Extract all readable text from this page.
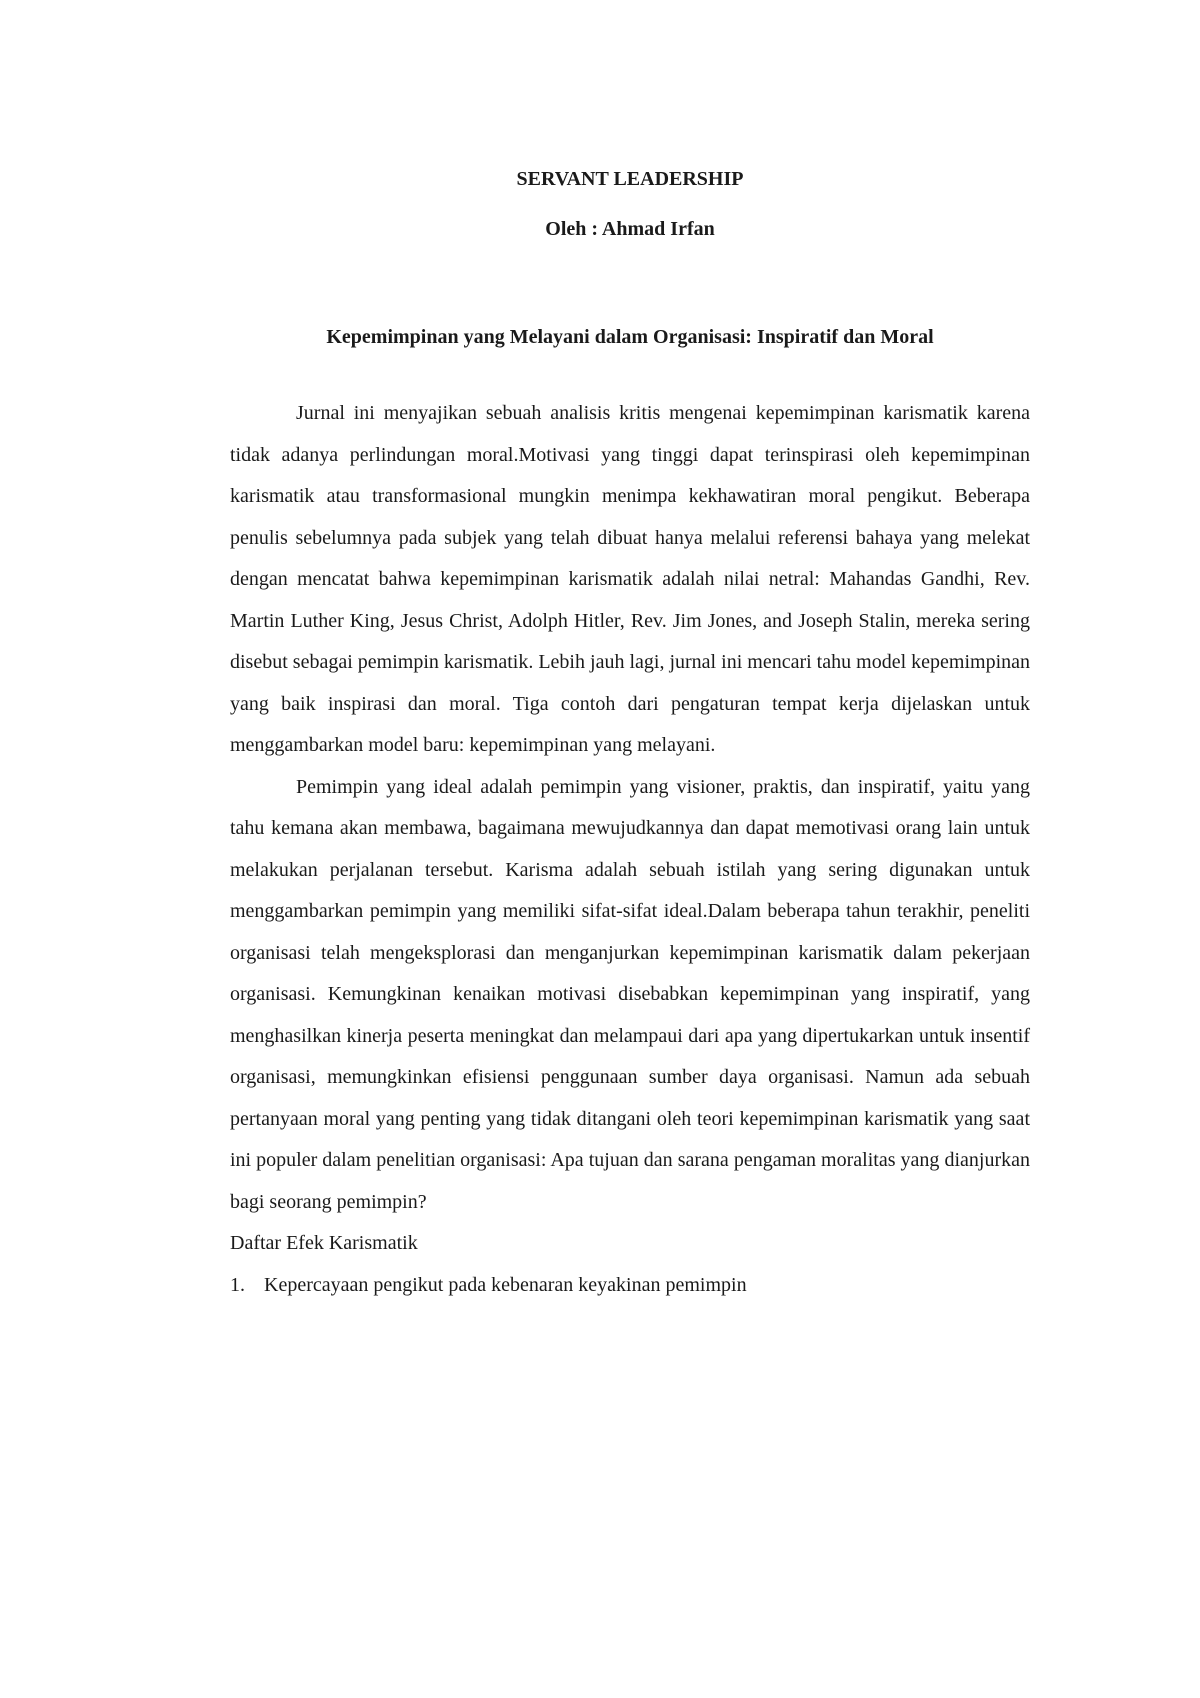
SERVANT LEADERSHIP

Oleh : Ahmad Irfan

Kepemimpinan yang Melayani dalam Organisasi: Inspiratif dan Moral

Jurnal ini menyajikan sebuah analisis kritis mengenai kepemimpinan karismatik karena tidak adanya perlindungan moral.Motivasi yang tinggi dapat terinspirasi oleh kepemimpinan karismatik atau transformasional mungkin menimpa kekhawatiran moral pengikut. Beberapa penulis sebelumnya pada subjek yang telah dibuat hanya melalui referensi bahaya yang melekat dengan mencatat bahwa kepemimpinan karismatik adalah nilai netral: Mahandas Gandhi, Rev. Martin Luther King, Jesus Christ, Adolph Hitler, Rev. Jim Jones, and Joseph Stalin, mereka sering disebut sebagai pemimpin karismatik. Lebih jauh lagi, jurnal ini mencari tahu model kepemimpinan yang baik inspirasi dan moral. Tiga contoh dari pengaturan tempat kerja dijelaskan untuk menggambarkan model baru: kepemimpinan yang melayani.

Pemimpin yang ideal adalah pemimpin yang visioner, praktis, dan inspiratif, yaitu yang tahu kemana akan membawa, bagaimana mewujudkannya dan dapat memotivasi orang lain untuk melakukan perjalanan tersebut. Karisma adalah sebuah istilah yang sering digunakan untuk menggambarkan pemimpin yang memiliki sifat-sifat ideal.Dalam beberapa tahun terakhir, peneliti organisasi telah mengeksplorasi dan menganjurkan kepemimpinan karismatik dalam pekerjaan organisasi. Kemungkinan kenaikan motivasi disebabkan kepemimpinan yang inspiratif, yang menghasilkan kinerja peserta meningkat dan melampaui dari apa yang dipertukarkan untuk insentif organisasi, memungkinkan efisiensi penggunaan sumber daya organisasi. Namun ada sebuah pertanyaan moral yang penting yang tidak ditangani oleh teori kepemimpinan karismatik yang saat ini populer dalam penelitian organisasi: Apa tujuan dan sarana pengaman moralitas yang dianjurkan bagi seorang pemimpin?

Daftar Efek Karismatik

1. Kepercayaan pengikut pada kebenaran keyakinan pemimpin
